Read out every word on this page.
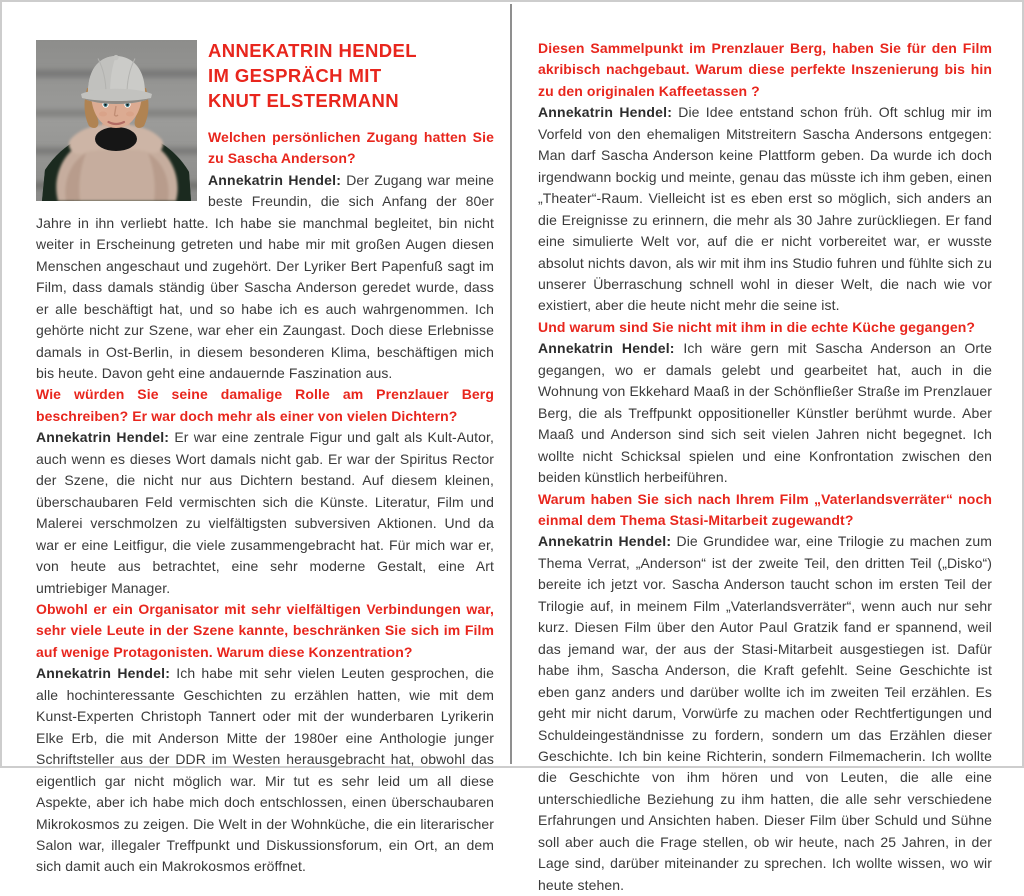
ANNEKATRIN HENDEL
IM GESPRÄCH MIT
KNUT ELSTERMANN

Welchen persönlichen Zugang hatten Sie zu Sascha Anderson?

Annekatrin Hendel: Der Zugang war meine beste Freundin, die sich Anfang der 80er Jahre in ihn verliebt hatte. Ich habe sie manchmal begleitet, bin nicht weiter in Erscheinung getreten und habe mir mit großen Augen diesen Menschen angeschaut und zugehört. Der Lyriker Bert Papenfuß sagt im Film, dass damals ständig über Sascha Anderson geredet wurde, dass er alle beschäftigt hat, und so habe ich es auch wahrgenommen. Ich gehörte nicht zur Szene, war eher ein Zaungast. Doch diese Erlebnisse damals in Ost-Berlin, in diesem besonderen Klima, beschäftigen mich bis heute. Davon geht eine andauernde Faszination aus.

Wie würden Sie seine damalige Rolle am Prenzlauer Berg beschreiben? Er war doch mehr als einer von vielen Dichtern?

Annekatrin Hendel: Er war eine zentrale Figur und galt als Kult-Autor, auch wenn es dieses Wort damals nicht gab. Er war der Spiritus Rector der Szene, die nicht nur aus Dichtern bestand. Auf diesem kleinen, überschaubaren Feld vermischten sich die Künste. Literatur, Film und Malerei verschmolzen zu vielfältigsten subversiven Aktionen. Und da war er eine Leitfigur, die viele zusammengebracht hat. Für mich war er, von heute aus betrachtet, eine sehr moderne Gestalt, eine Art umtriebiger Manager.

Obwohl er ein Organisator mit sehr vielfältigen Verbindungen war, sehr viele Leute in der Szene kannte, beschränken Sie sich im Film auf wenige Protagonisten. Warum diese Konzentration?

Annekatrin Hendel: Ich habe mit sehr vielen Leuten gesprochen, die alle hochinteressante Geschichten zu erzählen hatten, wie mit dem Kunst-Experten Christoph Tannert oder mit der wunderbaren Lyrikerin Elke Erb, die mit Anderson Mitte der 1980er eine Anthologie junger Schriftsteller aus der DDR im Westen herausgebracht hat, obwohl das eigentlich gar nicht möglich war. Mir tut es sehr leid um all diese Aspekte, aber ich habe mich doch entschlossen, einen überschaubaren Mikrokosmos zu zeigen. Die Welt in der Wohnküche, die ein literarischer Salon war, illegaler Treffpunkt und Diskussionsforum, ein Ort, an dem sich damit auch ein Makrokosmos eröffnet.

Diesen Sammelpunkt im Prenzlauer Berg, haben Sie für den Film akribisch nachgebaut. Warum diese perfekte Inszenierung bis hin zu den originalen Kaffeetassen ?

Annekatrin Hendel: Die Idee entstand schon früh. Oft schlug mir im Vorfeld von den ehemaligen Mitstreitern Sascha Andersons entgegen: Man darf Sascha Anderson keine Plattform geben. Da wurde ich doch irgendwann bockig und meinte, genau das müsste ich ihm geben, einen „Theater“-Raum. Vielleicht ist es eben erst so möglich, sich anders an die Ereignisse zu erinnern, die mehr als 30 Jahre zurückliegen. Er fand eine simulierte Welt vor, auf die er nicht vorbereitet war, er wusste absolut nichts davon, als wir mit ihm ins Studio fuhren und fühlte sich zu unserer Überraschung schnell wohl in dieser Welt, die nach wie vor existiert, aber die heute nicht mehr die seine ist.

Und warum sind Sie nicht mit ihm in die echte Küche gegangen?

Annekatrin Hendel: Ich wäre gern mit Sascha Anderson an Orte gegangen, wo er damals gelebt und gearbeitet hat, auch in die Wohnung von Ekkehard Maaß in der Schönfließer Straße im Prenzlauer Berg, die als Treffpunkt oppositioneller Künstler berühmt wurde. Aber Maaß und Anderson sind sich seit vielen Jahren nicht begegnet. Ich wollte nicht Schicksal spielen und eine Konfrontation zwischen den beiden künstlich herbeiführen.

Warum haben Sie sich nach Ihrem Film „Vaterlandsverräter“ noch einmal dem Thema Stasi-Mitarbeit zugewandt?

Annekatrin Hendel: Die Grundidee war, eine Trilogie zu machen zum Thema Verrat, „Anderson“ ist der zweite Teil, den dritten Teil („Disko“) bereite ich jetzt vor. Sascha Anderson taucht schon im ersten Teil der Trilogie auf, in meinem Film „Vaterlandsverräter“, wenn auch nur sehr kurz. Diesen Film über den Autor Paul Gratzik fand er spannend, weil das jemand war, der aus der Stasi-Mitarbeit ausgestiegen ist. Dafür habe ihm, Sascha Anderson, die Kraft gefehlt. Seine Geschichte ist eben ganz anders und darüber wollte ich im zweiten Teil erzählen. Es geht mir nicht darum, Vorwürfe zu machen oder Rechtfertigungen und Schuldeingeständnisse zu fordern, sondern um das Erzählen dieser Geschichte. Ich bin keine Richterin, sondern Filmemacherin. Ich wollte die Geschichte von ihm hören und von Leuten, die alle eine unterschiedliche Beziehung zu ihm hatten, die alle sehr verschiedene Erfahrungen und Ansichten haben. Dieser Film über Schuld und Sühne soll aber auch die Frage stellen, ob wir heute, nach 25 Jahren, in der Lage sind, darüber miteinander zu sprechen. Ich wollte wissen, wo wir heute stehen.
